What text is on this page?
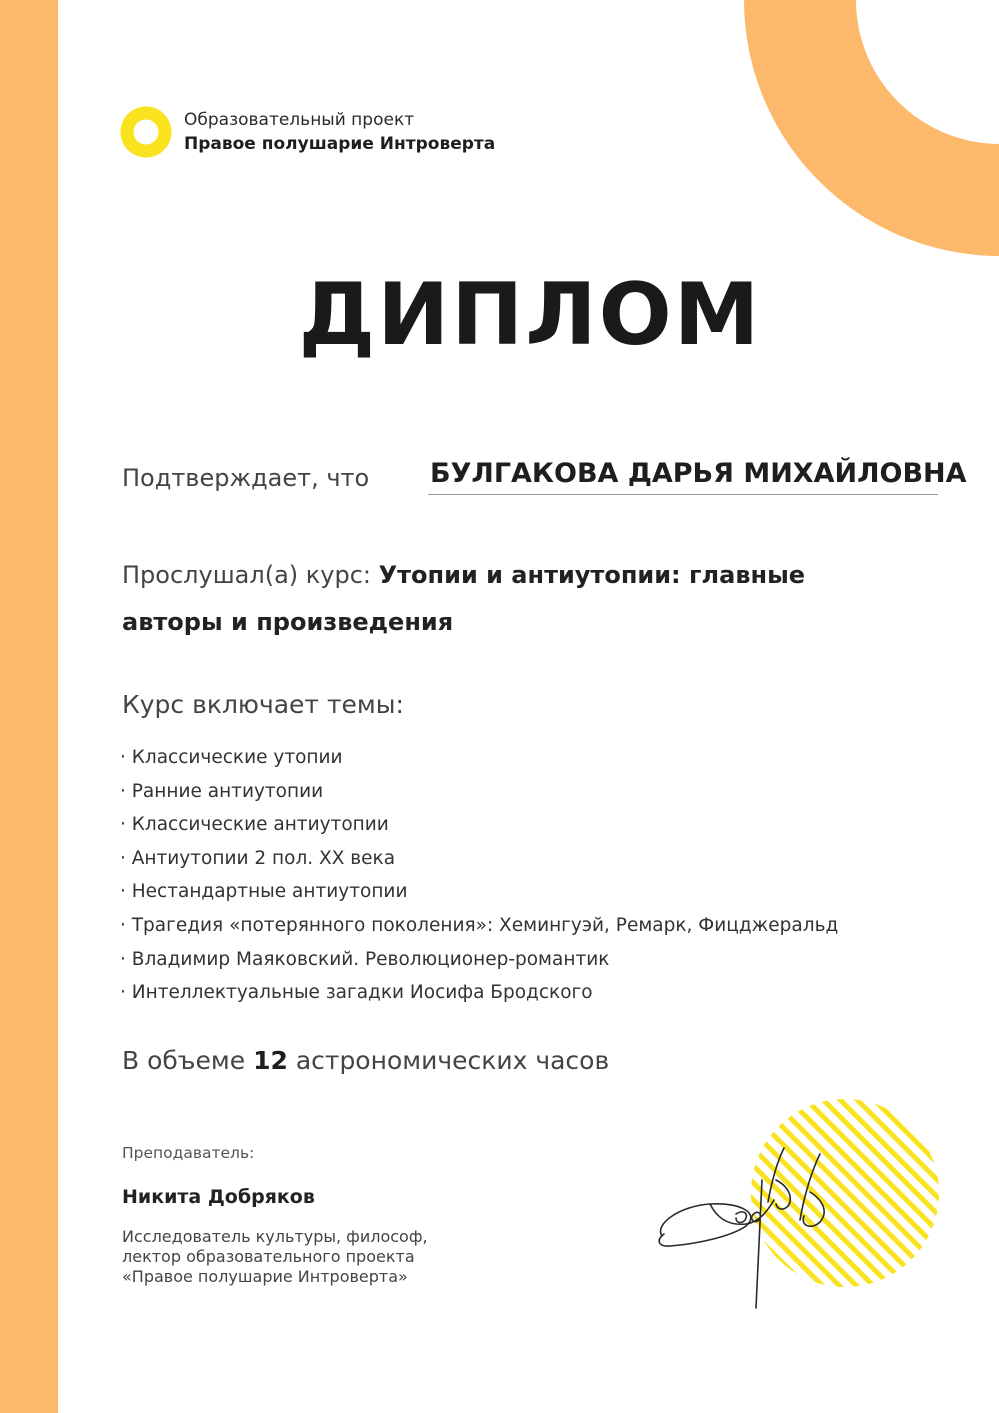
Образовательный проект
Правое полушарие Интроверта
ДИПЛОМ
Подтверждает, что БУЛГАКОВА ДАРЬЯ МИХАЙЛОВНА
Прослушал(а) курс: Утопии и антиутопии: главные авторы и произведения
Курс включает темы:
· Классические утопии
· Ранние антиутопии
· Классические антиутопии
· Антиутопии 2 пол. XX века
· Нестандартные антиутопии
· Трагедия «потерянного поколения»: Хемингуэй, Ремарк, Фицджеральд
· Владимир Маяковский. Революционер-романтик
· Интеллектуальные загадки Иосифа Бродского
В объеме 12 астрономических часов
Преподаватель:
Никита Добряков
Исследователь культуры, философ,
лектор образовательного проекта
«Правое полушарие Интроверта»
